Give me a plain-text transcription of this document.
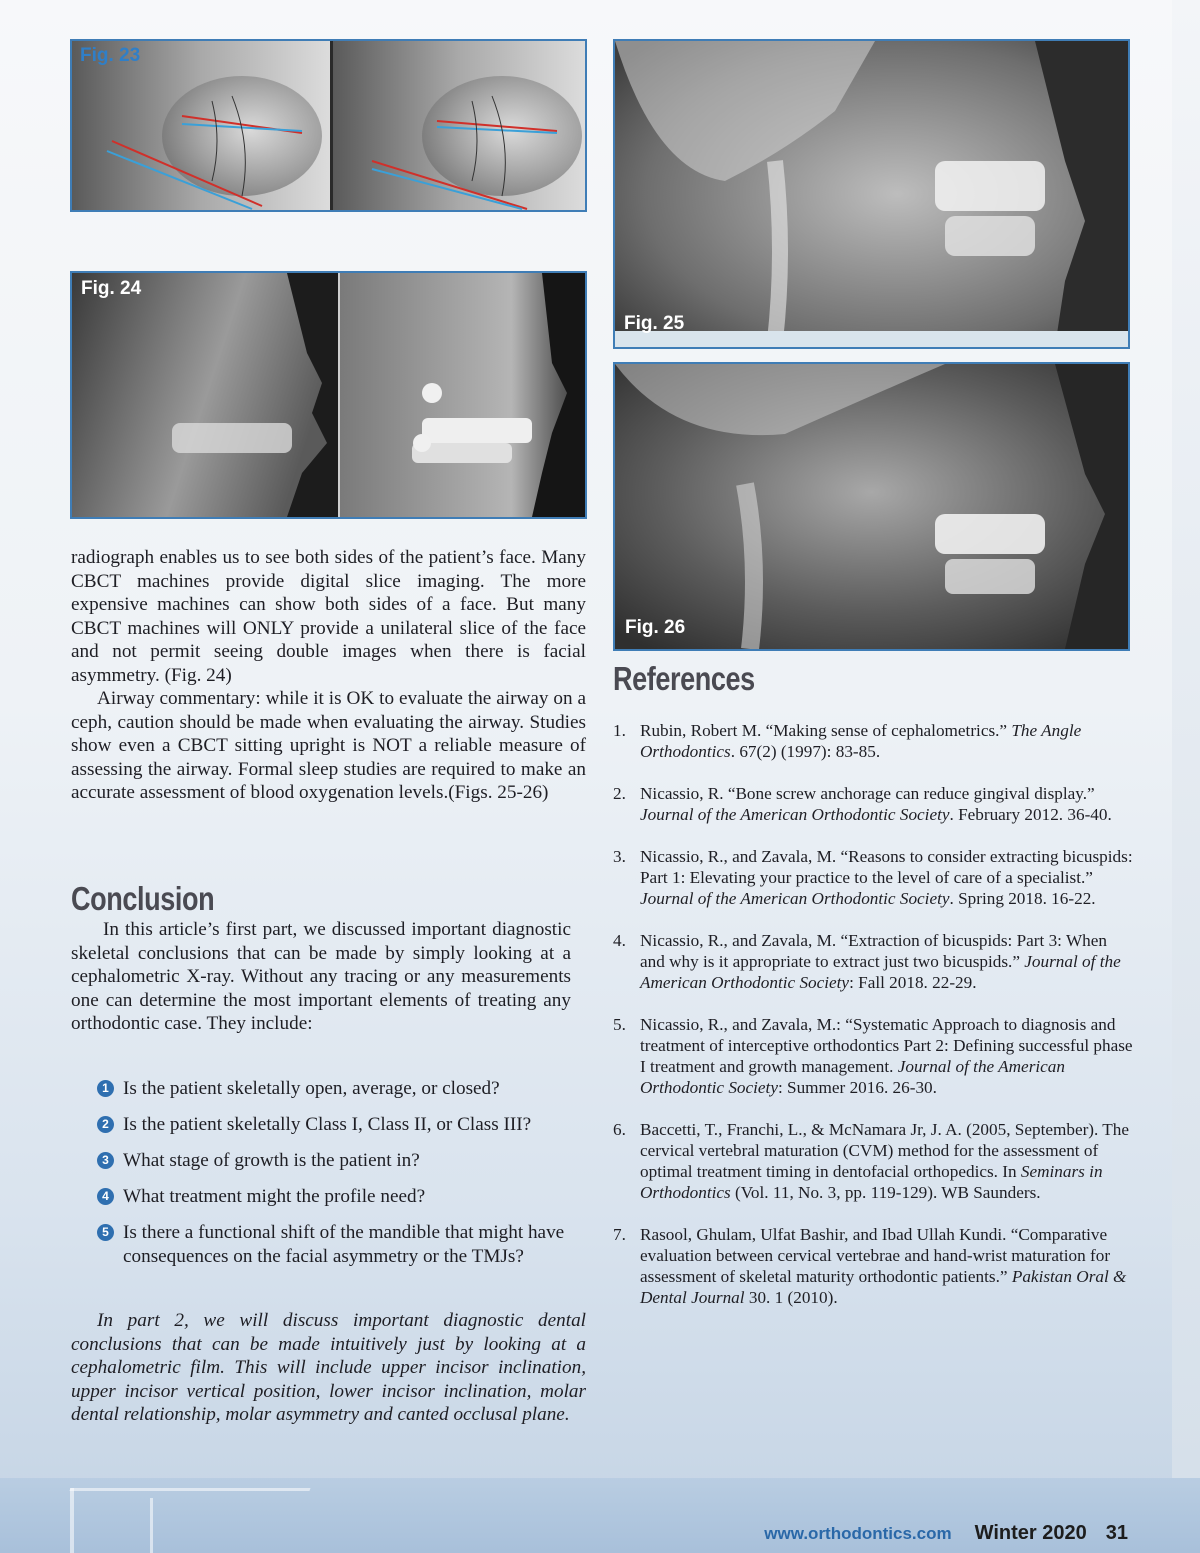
Fig. 23
Fig. 24
Fig. 25
Fig. 26

radiograph enables us to see both sides of the patient’s face. Many CBCT machines provide digital slice imaging. The more expensive machines can show both sides of a face. But many CBCT machines will ONLY provide a unilateral slice of the face and not permit seeing double images when there is facial asymmetry. (Fig. 24)

Airway commentary: while it is OK to evaluate the airway on a ceph, caution should be made when evaluating the airway. Studies show even a CBCT sitting upright is NOT a reliable measure of assessing the airway. Formal sleep studies are required to make an accurate assessment of blood oxygenation levels.(Figs. 25-26)

Conclusion

In this article’s first part, we discussed important diagnostic skeletal conclusions that can be made by simply looking at a cephalometric X-ray. Without any tracing or any measurements one can determine the most important elements of treating any orthodontic case. They include:

1 Is the patient skeletally open, average, or closed?
2 Is the patient skeletally Class I, Class II, or Class III?
3 What stage of growth is the patient in?
4 What treatment might the profile need?
5 Is there a functional shift of the mandible that might have consequences on the facial asymmetry or the TMJs?

In part 2, we will discuss important diagnostic dental conclusions that can be made intuitively just by looking at a cephalometric film. This will include upper incisor inclination, upper incisor vertical position, lower incisor inclination, molar dental relationship, molar asymmetry and canted occlusal plane.

References
1. Rubin, Robert M. “Making sense of cephalometrics.” The Angle Orthodontics. 67(2) (1997): 83-85.
2. Nicassio, R. “Bone screw anchorage can reduce gingival display.” Journal of the American Orthodontic Society. February 2012. 36-40.
3. Nicassio, R., and Zavala, M. “Reasons to consider extracting bicuspids: Part 1: Elevating your practice to the level of care of a specialist.” Journal of the American Orthodontic Society. Spring 2018. 16-22.
4. Nicassio, R., and Zavala, M. “Extraction of bicuspids: Part 3: When and why is it appropriate to extract just two bicuspids.” Journal of the American Orthodontic Society: Fall 2018. 22-29.
5. Nicassio, R., and Zavala, M.: “Systematic Approach to diagnosis and treatment of interceptive orthodontics Part 2: Defining successful phase I treatment and growth management. Journal of the American Orthodontic Society: Summer 2016. 26-30.
6. Baccetti, T., Franchi, L., & McNamara Jr, J. A. (2005, September). The cervical vertebral maturation (CVM) method for the assessment of optimal treatment timing in dentofacial orthopedics. In Seminars in Orthodontics (Vol. 11, No. 3, pp. 119-129). WB Saunders.
7. Rasool, Ghulam, Ulfat Bashir, and Ibad Ullah Kundi. “Comparative evaluation between cervical vertebrae and hand-wrist maturation for assessment of skeletal maturity orthodontic patients.” Pakistan Oral & Dental Journal 30. 1 (2010).
www.orthodontics.com Winter 2020 31
